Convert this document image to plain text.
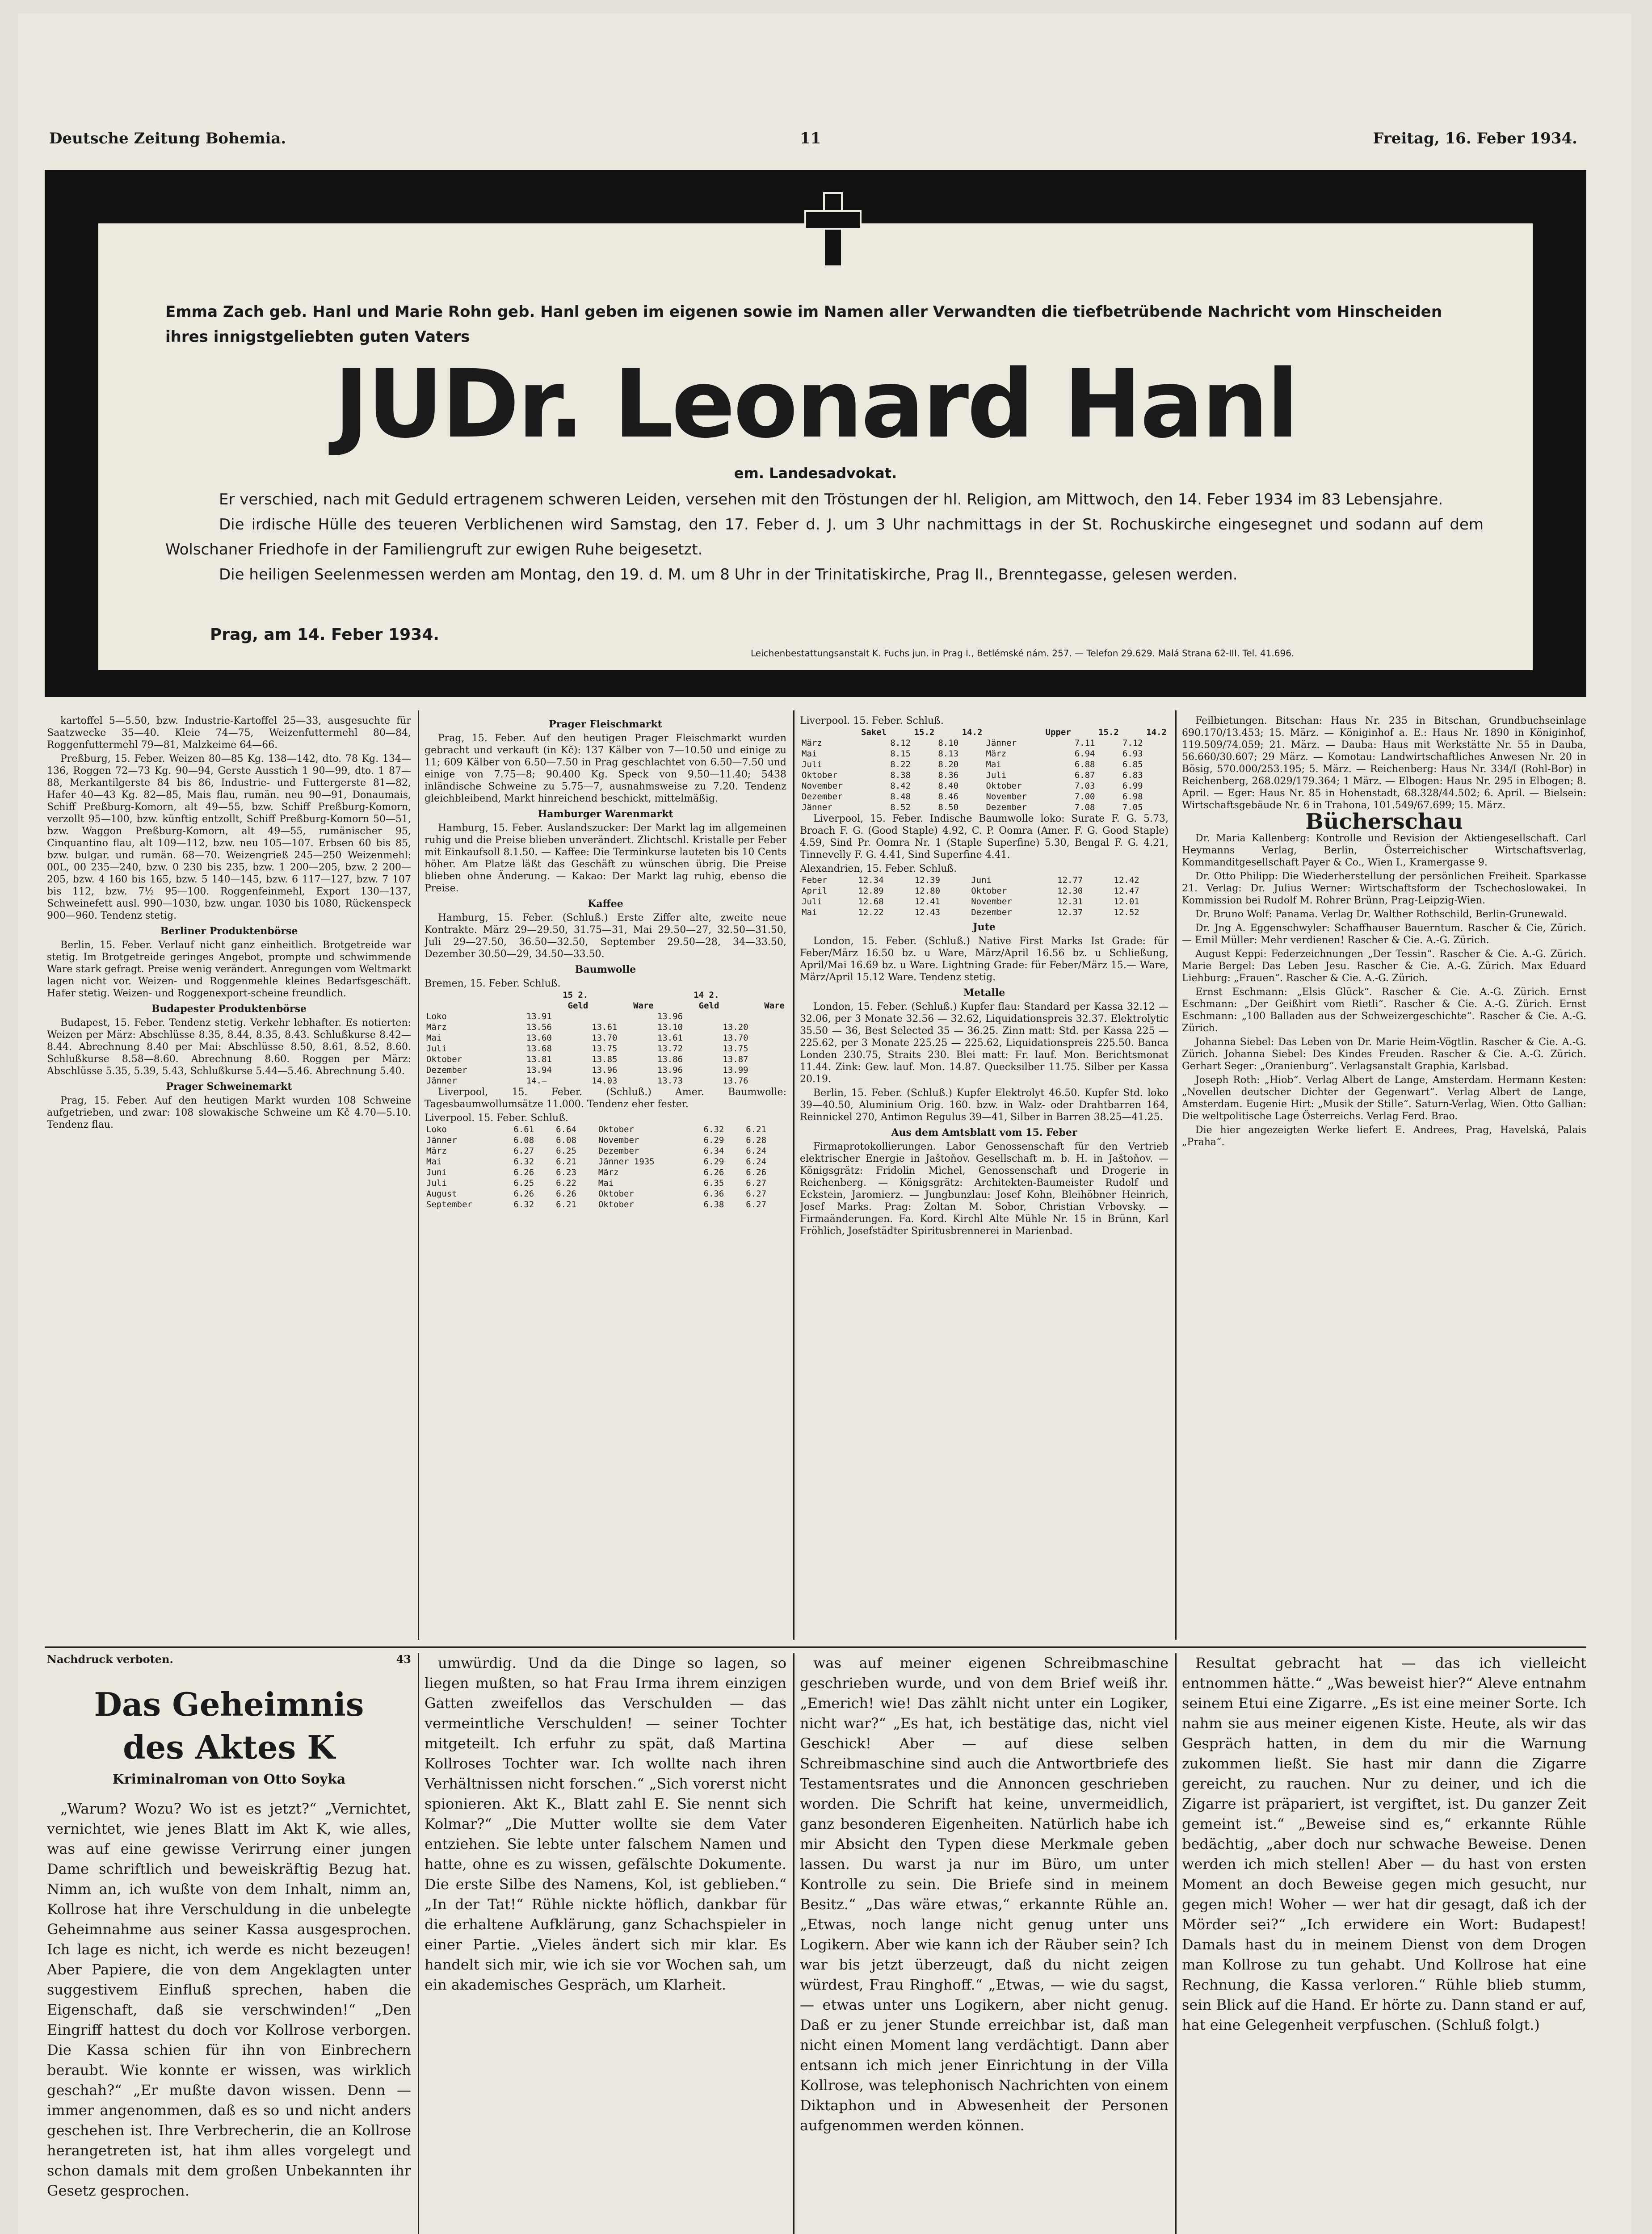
Deutsche Zeitung Bohemia.	11	Freitag, 16. Feber 1934.
Emma Zach geb. Hanl und Marie Rohn geb. Hanl geben im eigenen sowie im Namen aller Verwandten die tiefbetrübende Nachricht vom Hinscheiden ihres innigstgeliebten guten Vaters
JUDr. Leonard Hanl
em. Landesadvokat.

Er verschied, nach mit Geduld ertragenem schweren Leiden, versehen mit den Tröstungen der hl. Religion, am Mittwoch, den 14. Feber 1934 im 83 Lebensjahre.

Die irdische Hülle des teueren Verblichenen wird Samstag, den 17. Feber d. J. um 3 Uhr nachmittags in der St. Rochuskirche eingesegnet und sodann auf dem Wolschaner Friedhofe in der Familiengruft zur ewigen Ruhe beigesetzt.

Die heiligen Seelenmessen werden am Montag, den 19. d. M. um 8 Uhr in der Trinitatiskirche, Prag II., Brenntegasse, gelesen werden.

Prag, am 14. Feber 1934.
Leichenbestattungsanstalt K. Fuchs jun. in Prag I., Betlémské nám. 257. — Telefon 29.629. Malá Strana 62-III. Tel. 41.696.

kartoffel 5—5.50, bzw. Industrie-Kartoffel 25—33, ausgesuchte für Saatzwecke 35—40. Kleie 74—75, Weizenfuttermehl 80—84, Roggenfuttermehl 79—81, Malzkeime 64—66.

Preßburg, 15. Feber. Weizen 80—85 Kg. 138—142, dto. 78 Kg. 134—136, Roggen 72—73 Kg. 90—94, Gerste Ausstich 1 90—99, dto. 1 87—88, Merkantilgerste 84 bis 86, Industrie- und Futtergerste 81—82, Hafer 40—43 Kg. 82—85, Mais flau, rumän. neu 90—91, Donaumais, Schiff Preßburg-Komorn, alt 49—55, bzw. Schiff Preßburg-Komorn, verzollt 95—100, bzw. künftig entzollt, Schiff Preßburg-Komorn 50—51, bzw. Waggon Preßburg-Komorn, alt 49—55, rumänischer 95, Cinquantino flau, alt 109—112, bzw. neu 105—107. Erbsen 60 bis 85, bzw. bulgar. und rumän. 68—70. Weizengrieß 245—250 Weizenmehl: 00L, 00 235—240, bzw. 0 230 bis 235, bzw. 1 200—205, bzw. 2 200—205, bzw. 4 160 bis 165, bzw. 5 140—145, bzw. 6 117—127, bzw. 7 107 bis 112, bzw. 7½ 95—100. Roggenfeinmehl, Export 130—137, Schweinefett ausl. 990—1030, bzw. ungar. 1030 bis 1080, Rückenspeck 900—960. Tendenz stetig.

Berliner Produktenbörse

Berlin, 15. Feber. Verlauf nicht ganz einheitlich. Brotgetreide war stetig. Im Brotgetreide geringes Angebot, prompte und schwimmende Ware stark gefragt. Preise wenig verändert. Anregungen vom Weltmarkt lagen nicht vor. Weizen- und Roggenmehle kleines Bedarfsgeschäft. Hafer stetig. Weizen- und Roggenexport-scheine freundlich.

Budapester Produktenbörse

Budapest, 15. Feber. Tendenz stetig. Verkehr lebhafter. Es notierten: Weizen per März: Abschlüsse 8.35, 8.44, 8.35, 8.43. Schlußkurse 8.42—8.44. Abrechnung 8.40 per Mai: Abschlüsse 8.50, 8.61, 8.52, 8.60. Schlußkurse 8.58—8.60. Abrechnung 8.60. Roggen per März: Abschlüsse 5.35, 5.39, 5.43, Schlußkurse 5.44—5.46. Abrechnung 5.40.

Prager Schweinemarkt

Prag, 15. Feber. Auf den heutigen Markt wurden 108 Schweine aufgetrieben, und zwar: 108 slowakische Schweine um Kč 4.70—5.10. Tendenz flau.

Prager Fleischmarkt

Prag, 15. Feber. Auf den heutigen Prager Fleischmarkt wurden gebracht und verkauft (in Kč): 137 Kälber von 7—10.50 und einige zu 11; 609 Kälber von 6.50—7.50 in Prag geschlachtet von 6.50—7.50 und einige von 7.75—8; 90.400 Kg. Speck von 9.50—11.40; 5438 inländische Schweine zu 5.75—7, ausnahmsweise zu 7.20. Tendenz gleichbleibend, Markt hinreichend beschickt, mittelmäßig.

Hamburger Warenmarkt

Hamburg, 15. Feber. Auslandszucker: Der Markt lag im allgemeinen ruhig und die Preise blieben unverändert. Zlichtschl. Kristalle per Feber mit Einkaufsoll 8.1.50. — Kaffee: Die Terminkurse lauteten bis 10 Cents höher. Am Platze läßt das Geschäft zu wünschen übrig. Die Preise blieben ohne Änderung. — Kakao: Der Markt lag ruhig, ebenso die Preise.

Kaffee

Hamburg, 15. Feber. (Schluß.) Erste Ziffer alte, zweite neue Kontrakte. März 29—29.50, 31.75—31, Mai 29.50—27, 32.50—31.50, Juli 29—27.50, 36.50—32.50, September 29.50—28, 34—33.50, Dezember 30.50—29, 34.50—33.50.

Baumwolle
Bremen, 15. Feber. Schluß.
	15 2.		14 2.	
	Geld	Ware	Geld	Ware
Loko	13.91		13.96	
März	13.56	13.61	13.10	13.20
Mai	13.60	13.70	13.61	13.70
Juli	13.68	13.75	13.72	13.75
Oktober	13.81	13.85	13.86	13.87
Dezember	13.94	13.96	13.96	13.99
Jänner	14.—	14.03	13.73	13.76

Liverpool, 15. Feber. (Schluß.) Amer. Baumwolle: Tagesbaumwollumsätze 11.000. Tendenz eher fester.

Liverpool. 15. Feber. Schluß.
Loko	6.61	6.64	Oktober	6.32	6.21
Jänner	6.08	6.08	November	6.29	6.28
März	6.27	6.25	Dezember	6.34	6.24
Mai	6.32	6.21	Jänner 1935	6.29	6.24
Juni	6.26	6.23	März	6.26	6.26
Juli	6.25	6.22	Mai	6.35	6.27
August	6.26	6.26	Oktober	6.36	6.27
September	6.32	6.21	Oktober	6.38	6.27
Liverpool. 15. Feber. Schluß.
Sakel	15.2	14.2	Upper	15.2	14.2
März	8.12	8.10	Jänner	7.11	7.12
Mai	8.15	8.13	März	6.94	6.93
Juli	8.22	8.20	Mai	6.88	6.85
Oktober	8.38	8.36	Juli	6.87	6.83
November	8.42	8.40	Oktober	7.03	6.99
Dezember	8.48	8.46	November	7.00	6.98
Jänner	8.52	8.50	Dezember	7.08	7.05

Liverpool, 15. Feber. Indische Baumwolle loko: Surate F. G. 5.73, Broach F. G. (Good Staple) 4.92, C. P. Oomra (Amer. F. G. Good Staple) 4.59, Sind Pr. Oomra Nr. 1 (Staple Superfine) 5.30, Bengal F. G. 4.21, Tinnevelly F. G. 4.41, Sind Superfine 4.41.

Alexandrien, 15. Feber. Schluß.
Feber	12.34	12.39	Juni	12.77	12.42
April	12.89	12.80	Oktober	12.30	12.47
Juli	12.68	12.41	November	12.31	12.01
Mai	12.22	12.43	Dezember	12.37	12.52
Jute

London, 15. Feber. (Schluß.) Native First Marks Ist Grade: für Feber/März 16.50 bz. u Ware, März/April 16.56 bz. u Schließung, April/Mai 16.69 bz. u Ware. Lightning Grade: für Feber/März 15.— Ware, März/April 15.12 Ware. Tendenz stetig.

Metalle

London, 15. Feber. (Schluß.) Kupfer flau: Standard per Kassa 32.12 — 32.06, per 3 Monate 32.56 — 32.62, Liquidationspreis 32.37. Elektrolytic 35.50 — 36, Best Selected 35 — 36.25. Zinn matt: Std. per Kassa 225 — 225.62, per 3 Monate 225.25 — 225.62, Liquidationspreis 225.50. Banca Londen 230.75, Straits 230. Blei matt: Fr. lauf. Mon. Berichtsmonat 11.44. Zink: Gew. lauf. Mon. 14.87. Quecksilber 11.75. Silber per Kassa 20.19.

Berlin, 15. Feber. (Schluß.) Kupfer Elektrolyt 46.50. Kupfer Std. loko 39—40.50, Aluminium Orig. 160. bzw. in Walz- oder Drahtbarren 164, Reinnickel 270, Antimon Regulus 39—41, Silber in Barren 38.25—41.25.

Aus dem Amtsblatt vom 15. Feber

Firmaprotokollierungen. Labor Genossenschaft für den Vertrieb elektrischer Energie in Jaštoňov. Gesellschaft m. b. H. in Jaštoňov. — Königsgrätz: Fridolin Michel, Genossenschaft und Drogerie in Reichenberg. — Königsgrätz: Architekten-Baumeister Rudolf und Eckstein, Jaromierz. — Jungbunzlau: Josef Kohn, Bleihöbner Heinrich, Josef Marks. Prag: Zoltan M. Sobor, Christian Vrbovsky. — Firmaänderungen. Fa. Kord. Kirchl Alte Mühle Nr. 15 in Brünn, Karl Fröhlich, Josefstädter Spiritusbrennerei in Marienbad.

Feilbietungen. Bitschan: Haus Nr. 235 in Bitschan, Grundbuchseinlage 690.170/13.453; 15. März. — Königinhof a. E.: Haus Nr. 1890 in Königinhof, 119.509/74.059; 21. März. — Dauba: Haus mit Werkstätte Nr. 55 in Dauba, 56.660/30.607; 29 März. — Komotau: Landwirtschaftliches Anwesen Nr. 20 in Bösig, 570.000/253.195; 5. März. — Reichenberg: Haus Nr. 334/I (Rohl-Bor) in Reichenberg, 268.029/179.364; 1 März. — Elbogen: Haus Nr. 295 in Elbogen; 8. April. — Eger: Haus Nr. 85 in Hohenstadt, 68.328/44.502; 6. April. — Bielsein: Wirtschaftsgebäude Nr. 6 in Trahona, 101.549/67.699; 15. März.

Bücherschau

Dr. Maria Kallenberg: Kontrolle und Revision der Aktiengesellschaft. Carl Heymanns Verlag, Berlin, Österreichischer Wirtschaftsverlag, Kommanditgesellschaft Payer & Co., Wien I., Kramergasse 9.

Dr. Otto Philipp: Die Wiederherstellung der persönlichen Freiheit. Sparkasse 21. Verlag: Dr. Julius Werner: Wirtschaftsform der Tschechoslowakei. In Kommission bei Rudolf M. Rohrer Brünn, Prag-Leipzig-Wien.

Dr. Bruno Wolf: Panama. Verlag Dr. Walther Rothschild, Berlin-Grunewald.

Dr. Jng A. Eggenschwyler: Schaffhauser Bauerntum. Rascher & Cie, Zürich. — Emil Müller: Mehr verdienen! Rascher & Cie. A.-G. Zürich.

August Keppi: Federzeichnungen „Der Tessin“. Rascher & Cie. A.-G. Zürich. Marie Bergel: Das Leben Jesu. Rascher & Cie. A.-G. Zürich. Max Eduard Liehburg: „Frauen“. Rascher & Cie. A.-G. Zürich.

Ernst Eschmann: „Elsis Glück“. Rascher & Cie. A.-G. Zürich. Ernst Eschmann: „Der Geißhirt vom Rietli“. Rascher & Cie. A.-G. Zürich. Ernst Eschmann: „100 Balladen aus der Schweizergeschichte“. Rascher & Cie. A.-G. Zürich.

Johanna Siebel: Das Leben von Dr. Marie Heim-Vögtlin. Rascher & Cie. A.-G. Zürich. Johanna Siebel: Des Kindes Freuden. Rascher & Cie. A.-G. Zürich. Gerhart Seger: „Oranienburg“. Verlagsanstalt Graphia, Karlsbad.

Joseph Roth: „Hiob“. Verlag Albert de Lange, Amsterdam. Hermann Kesten: „Novellen deutscher Dichter der Gegenwart“. Verlag Albert de Lange, Amsterdam. Eugenie Hirt: „Musik der Stille“. Saturn-Verlag, Wien. Otto Gallian: Die weltpolitische Lage Österreichs. Verlag Ferd. Brao.

Die hier angezeigten Werke liefert E. Andrees, Prag, Havelská, Palais „Praha“.

Nachdruck verboten.	43
Das Geheimnis
des Aktes K
Kriminalroman von Otto Soyka

„Warum? Wozu? Wo ist es jetzt?“ „Vernichtet, vernichtet, wie jenes Blatt im Akt K, wie alles, was auf eine gewisse Verirrung einer jungen Dame schriftlich und beweiskräftig Bezug hat. Nimm an, ich wußte von dem Inhalt, nimm an, Kollrose hat ihre Verschuldung in die unbelegte Geheimnahme aus seiner Kassa ausgesprochen. Ich lage es nicht, ich werde es nicht bezeugen! Aber Papiere, die von dem Angeklagten unter suggestivem Einfluß sprechen, haben die Eigenschaft, daß sie verschwinden!“ „Den Eingriff hattest du doch vor Kollrose verborgen. Die Kassa schien für ihn von Einbrechern beraubt. Wie konnte er wissen, was wirklich geschah?“ „Er mußte davon wissen. Denn — immer angenommen, daß es so und nicht anders geschehen ist. Ihre Verbrecherin, die an Kollrose herangetreten ist, hat ihm alles vorgelegt und schon damals mit dem großen Unbekannten ihr Gesetz gesprochen.

umwürdig. Und da die Dinge so lagen, so liegen mußten, so hat Frau Irma ihrem einzigen Gatten zweifellos das Verschulden — das vermeintliche Verschulden! — seiner Tochter mitgeteilt. Ich erfuhr zu spät, daß Martina Kollroses Tochter war. Ich wollte nach ihren Verhältnissen nicht forschen.“ „Sich vorerst nicht spionieren. Akt K., Blatt zahl E. Sie nennt sich Kolmar?“ „Die Mutter wollte sie dem Vater entziehen. Sie lebte unter falschem Namen und hatte, ohne es zu wissen, gefälschte Dokumente. Die erste Silbe des Namens, Kol, ist geblieben.“ „In der Tat!“ Rühle nickte höflich, dankbar für die erhaltene Aufklärung, ganz Schachspieler in einer Partie. „Vieles ändert sich mir klar. Es handelt sich mir, wie ich sie vor Wochen sah, um ein akademisches Gespräch, um Klarheit.

was auf meiner eigenen Schreibmaschine geschrieben wurde, und von dem Brief weiß ihr. „Emerich! wie! Das zählt nicht unter ein Logiker, nicht war?“ „Es hat, ich bestätige das, nicht viel Geschick! Aber — auf diese selben Schreibmaschine sind auch die Antwortbriefe des Testamentsrates und die Annoncen geschrieben worden. Die Schrift hat keine, unvermeidlich, ganz besonderen Eigenheiten. Natürlich habe ich mir Absicht den Typen diese Merkmale geben lassen. Du warst ja nur im Büro, um unter Kontrolle zu sein. Die Briefe sind in meinem Besitz.“ „Das wäre etwas,“ erkannte Rühle an. „Etwas, noch lange nicht genug unter uns Logikern. Aber wie kann ich der Räuber sein? Ich war bis jetzt überzeugt, daß du nicht zeigen würdest, Frau Ringhoff.“ „Etwas, — wie du sagst, — etwas unter uns Logikern, aber nicht genug. Daß er zu jener Stunde erreichbar ist, daß man nicht einen Moment lang verdächtigt. Dann aber entsann ich mich jener Einrichtung in der Villa Kollrose, was telephonisch Nachrichten von einem Diktaphon und in Abwesenheit der Personen aufgenommen werden können.

Resultat gebracht hat — das ich vielleicht entnommen hätte.“ „Was beweist hier?“ Aleve entnahm seinem Etui eine Zigarre. „Es ist eine meiner Sorte. Ich nahm sie aus meiner eigenen Kiste. Heute, als wir das Gespräch hatten, in dem du mir die Warnung zukommen ließt. Sie hast mir dann die Zigarre gereicht, zu rauchen. Nur zu deiner, und ich die Zigarre ist präpariert, ist vergiftet, ist. Du ganzer Zeit gemeint ist.“ „Beweise sind es,“ erkannte Rühle bedächtig, „aber doch nur schwache Beweise. Denen werden ich mich stellen! Aber — du hast von ersten Moment an doch Beweise gegen mich gesucht, nur gegen mich! Woher — wer hat dir gesagt, daß ich der Mörder sei?“ „Ich erwidere ein Wort: Budapest! Damals hast du in meinem Dienst von dem Drogen man Kollrose zu tun gehabt. Und Kollrose hat eine Rechnung, die Kassa verloren.“ Rühle blieb stumm, sein Blick auf die Hand. Er hörte zu. Dann stand er auf, hat eine Gelegenheit verpfuschen. (Schluß folgt.)
